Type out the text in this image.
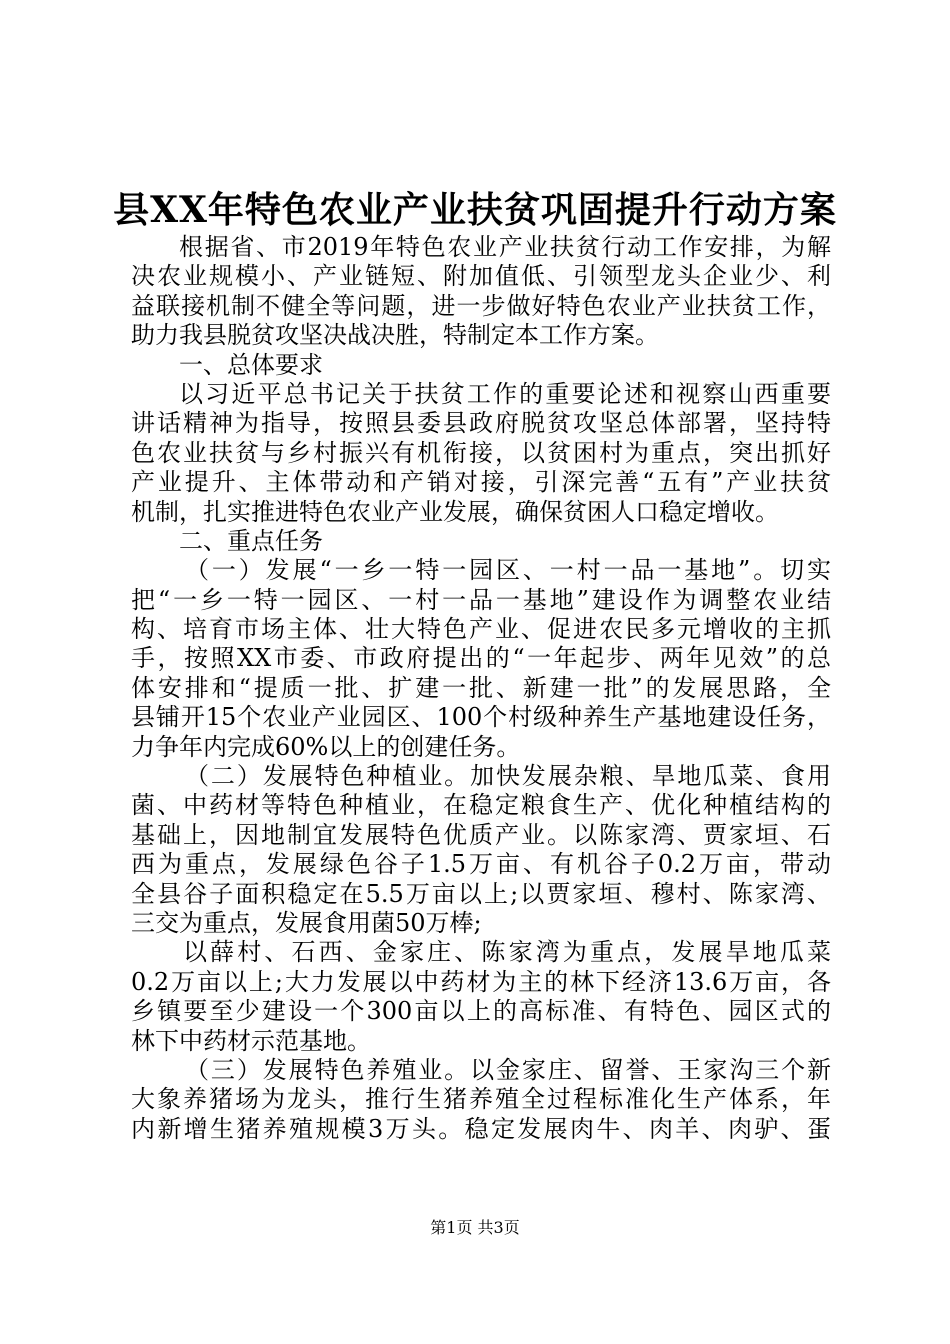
县XX年特色农业产业扶贫巩固提升行动方案
根据省、市2019年特色农业产业扶贫行动工作安排，为解
决农业规模小、产业链短、附加值低、引领型龙头企业少、利
益联接机制不健全等问题，进一步做好特色农业产业扶贫工作，
助力我县脱贫攻坚决战决胜，特制定本工作方案。
一、总体要求
以习近平总书记关于扶贫工作的重要论述和视察山西重要
讲话精神为指导，按照县委县政府脱贫攻坚总体部署，坚持特
色农业扶贫与乡村振兴有机衔接，以贫困村为重点，突出抓好
产业提升、主体带动和产销对接，引深完善“五有”产业扶贫
机制，扎实推进特色农业产业发展，确保贫困人口稳定增收。
二、重点任务
（一）发展“一乡一特一园区、一村一品一基地”。切实
把“一乡一特一园区、一村一品一基地”建设作为调整农业结
构、培育市场主体、壮大特色产业、促进农民多元增收的主抓
手，按照XX市委、市政府提出的“一年起步、两年见效”的总
体安排和“提质一批、扩建一批、新建一批”的发展思路，全
县铺开15个农业产业园区、100个村级种养生产基地建设任务，
力争年内完成60%以上的创建任务。
（二）发展特色种植业。加快发展杂粮、旱地瓜菜、食用
菌、中药材等特色种植业，在稳定粮食生产、优化种植结构的
基础上，因地制宜发展特色优质产业。以陈家湾、贾家垣、石
西为重点，发展绿色谷子1.5万亩、有机谷子0.2万亩，带动
全县谷子面积稳定在5.5万亩以上;以贾家垣、穆村、陈家湾、
三交为重点，发展食用菌50万棒;
以薛村、石西、金家庄、陈家湾为重点，发展旱地瓜菜
0.2万亩以上;大力发展以中药材为主的林下经济13.6万亩，各
乡镇要至少建设一个300亩以上的高标准、有特色、园区式的
林下中药材示范基地。
（三）发展特色养殖业。以金家庄、留誉、王家沟三个新
大象养猪场为龙头，推行生猪养殖全过程标准化生产体系，年
内新增生猪养殖规模3万头。稳定发展肉牛、肉羊、肉驴、蛋
第1页 共3页
